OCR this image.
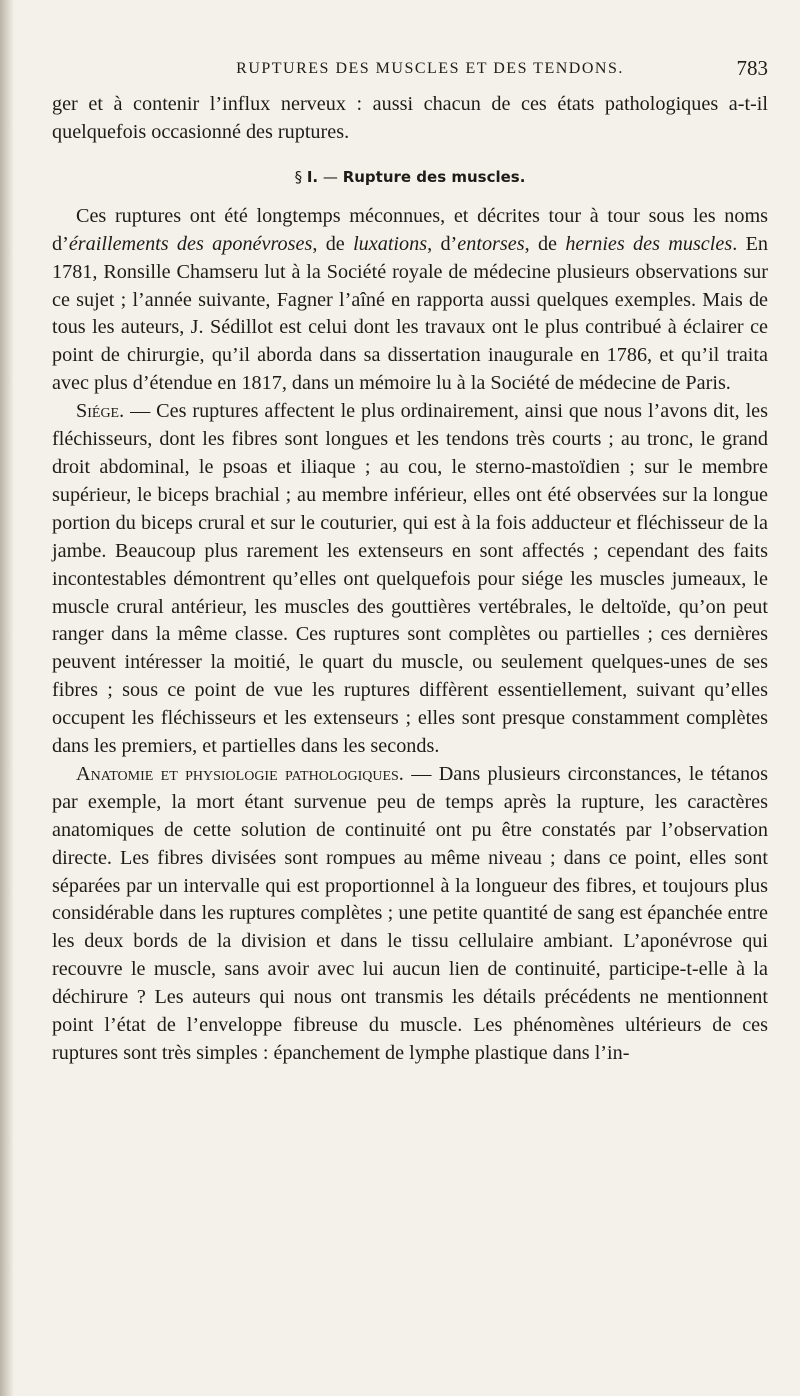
RUPTURES DES MUSCLES ET DES TENDONS.	783

ger et à contenir l’influx nerveux : aussi chacun de ces états pathologiques a-t-il quelquefois occasionné des ruptures.

§ I. — Rupture des muscles.

Ces ruptures ont été longtemps méconnues, et décrites tour à tour sous les noms d’éraillements des aponévroses, de luxations, d’entorses, de hernies des muscles. En 1781, Ronsille Chamseru lut à la Société royale de médecine plusieurs observations sur ce sujet ; l’année suivante, Fagner l’aîné en rapporta aussi quelques exemples. Mais de tous les auteurs, J. Sédillot est celui dont les travaux ont le plus contribué à éclairer ce point de chirurgie, qu’il aborda dans sa dissertation inaugurale en 1786, et qu’il traita avec plus d’étendue en 1817, dans un mémoire lu à la Société de médecine de Paris.

Siége. — Ces ruptures affectent le plus ordinairement, ainsi que nous l’avons dit, les fléchisseurs, dont les fibres sont longues et les tendons très courts ; au tronc, le grand droit abdominal, le psoas et iliaque ; au cou, le sterno-mastoïdien ; sur le membre supérieur, le biceps brachial ; au membre inférieur, elles ont été observées sur la longue portion du biceps crural et sur le couturier, qui est à la fois adducteur et fléchisseur de la jambe. Beaucoup plus rarement les extenseurs en sont affectés ; cependant des faits incontestables démontrent qu’elles ont quelquefois pour siége les muscles jumeaux, le muscle crural antérieur, les muscles des gouttières vertébrales, le deltoïde, qu’on peut ranger dans la même classe. Ces ruptures sont complètes ou partielles ; ces dernières peuvent intéresser la moitié, le quart du muscle, ou seulement quelques-unes de ses fibres ; sous ce point de vue les ruptures diffèrent essentiellement, suivant qu’elles occupent les fléchisseurs et les extenseurs ; elles sont presque constamment complètes dans les premiers, et partielles dans les seconds.

Anatomie et physiologie pathologiques. — Dans plusieurs circonstances, le tétanos par exemple, la mort étant survenue peu de temps après la rupture, les caractères anatomiques de cette solution de continuité ont pu être constatés par l’observation directe. Les fibres divisées sont rompues au même niveau ; dans ce point, elles sont séparées par un intervalle qui est proportionnel à la longueur des fibres, et toujours plus considérable dans les ruptures complètes ; une petite quantité de sang est épanchée entre les deux bords de la division et dans le tissu cellulaire ambiant. L’aponévrose qui recouvre le muscle, sans avoir avec lui aucun lien de continuité, participe-t-elle à la déchirure ? Les auteurs qui nous ont transmis les détails précédents ne mentionnent point l’état de l’enveloppe fibreuse du muscle. Les phénomènes ultérieurs de ces ruptures sont très simples : épanchement de lymphe plastique dans l’in-
